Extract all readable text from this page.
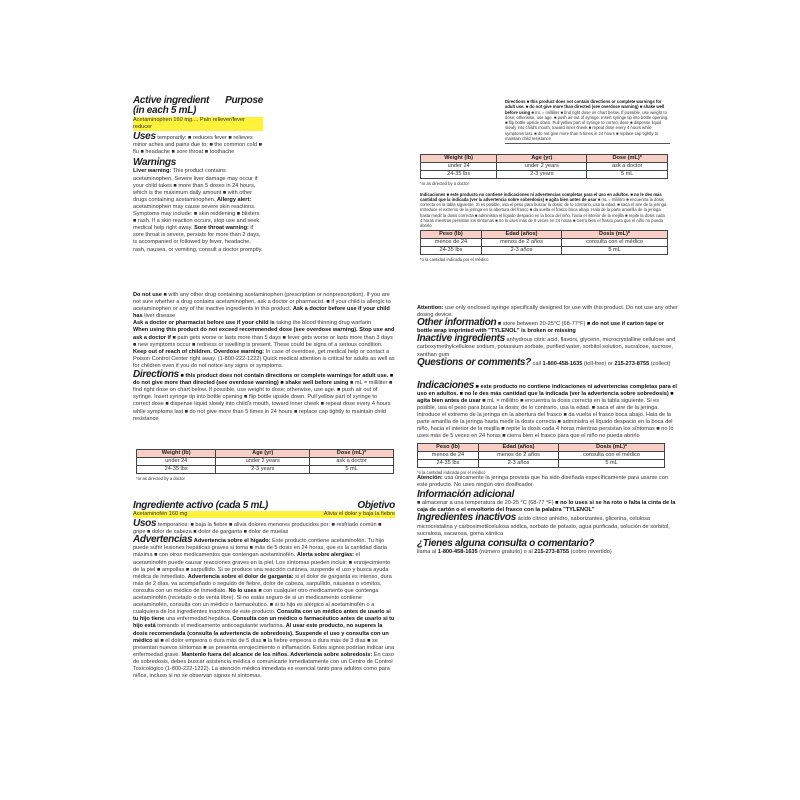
Active ingredient
(in each 5 mL)
Purpose
Acetaminophen 160 mg.... Pain reliever/fever reducer
Uses temporarily: ■ reduces fever ■ relieves minor aches and pains due to: ■ the common cold ■ flu ■ headache ■ sore throat ■ toothache
Warnings
Liver warning: This product contains acetaminophen. Severe liver damage may occur if your child takes ■ more than 5 doses in 24 hours, which is the maximum daily amount ■ with other drugs containing acetaminophen. Allergy alert: acetaminophen may cause severe skin reactions. Symptoms may include: ■ skin reddening ■ blisters ■ rash. If a skin reaction occurs, stop use and seek medical help right away. Sore throat warning: if sore throat is severe, persists for more than 2 days, is accompanied or followed by fever, headache, rash, nausea, or vomiting, consult a doctor promptly.
Do not use ■ with any other drug containing acetaminophen (prescription or nonprescription). If you are not sure whether a drug contains acetaminophen, ask a doctor or pharmacist. ■ if your child is allergic to acetaminophen or any of the inactive ingredients in this product. Ask a doctor before use if your child has liver disease
Ask a doctor or pharmacist before use if your child is taking the blood thinning drug warfarin
When using this product do not exceed recommended dose (see overdose warning). Stop use and ask a doctor if ■ pain gets worse or lasts more than 5 days ■ fever gets worse or lasts more than 3 days ■ new symptoms occur ■ redness or swelling is present. These could be signs of a serious condition.
Keep out of reach of children. Overdose warning: In case of overdose, get medical help or contact a Poison Control Center right away. (1-800-222-1222) Quick medical attention is critical for adults as well as for children even if you do not notice any signs or symptoms.
Directions ■ this product does not contain directions or complete warnings for adult use. ■ do not give more than directed (see overdose warning) ■ shake well before using ■ mL = milliliter ■ find right dose on chart below. If possible, use weight to dose; otherwise, use age. ■ push air out of syringe. Insert syringe tip into bottle opening ■ flip bottle upside down. Pull yellow part of syringe to correct dose ■ dispense liquid slowly into child's mouth, toward inner cheek ■ repeat dose every 4 hours while symptoms last ■ do not give more than 5 times in 24 hours ■ replace cap tightly to maintain child resistance
Weight (lb)	Age (yr)	Dose (mL)*
under 24	under 2 years	ask a doctor
24-35 lbs	2-3 years	5 mL
*or as directed by a doctor
Ingrediente activo (cada 5 mL)	Objetivo
Acetaminofén 160 mg	Alivia el dolor y baja la fiebre
Usos temporarios: ■ baja la fiebre ■ alivia dolores menores producidos por: ■ resfriado común ■ gripe ■ dolor de cabeza ■ dolor de garganta ■ dolor de muelas
Advertencias Advertencia sobre el hígado: Este producto contiene acetaminofén. Tu hijo puede sufrir lesiones hepáticas graves si toma ■ más de 5 dosis en 24 horas, que es la cantidad diaria máxima ■ con otros medicamentos que contengan acetaminofén. Alerta sobre alergias: el acetaminofén puede causar reacciones graves en la piel. Los síntomas pueden incluir: ■ enrojecimiento de la piel ■ ampollas ■ sarpullido. Si se produce una reacción cutánea, suspende el uso y busca ayuda médica de inmediato. Advertencia sobre el dolor de garganta: si el dolor de garganta es intenso, dura más de 2 días, va acompañado o seguido de fiebre, dolor de cabeza, sarpullido, náuseas o vómitos, consulta con un médico de inmediato. No lo uses ■ con cualquier otro medicamento que contenga acetaminofén (recetado o de venta libre). Si no estás seguro de si un medicamento contiene acetaminofén, consulta con un médico o farmacéutico. ■ si tu hijo es alérgico al acetaminofén o a cualquiera de los ingredientes inactivos de este producto. Consulta con un médico antes de usarlo si tu hijo tiene una enfermedad hepática. Consulta con un médico o farmacéutico antes de usarlo si tu hijo está tomando el medicamento anticoagulante warfarina. Al usar este producto, no superes la dosis recomendada (consulta la advertencia de sobredosis). Suspende el uso y consulta con un médico si ■ el dolor empeora o dura más de 5 días ■ la fiebre empeora o dura más de 3 días ■ se presentan nuevos síntomas ■ se presenta enrojecimiento o inflamación. Estos signos podrían indicar una enfermedad grave. Mantenlo fuera del alcance de los niños. Advertencia sobre sobredosis: En caso de sobredosis, debes buscar asistencia médica o comunicarte inmediatamente con un Centro de Control Toxicológico (1-800-222-1222). La atención médica inmediata es esencial tanto para adultos como para niños, incluso si no se observan signos ni síntomas.
Directions ■ this product does not contain directions or complete warnings for adult use. ■ do not give more than directed (see overdose warning) ■ shake well before using ■ mL = milliliter ■ find right dose on chart below. If possible, use weight to dose; otherwise, use age. ■ push air out of syringe. Insert syringe tip into bottle opening. ■ flip bottle upside down. Pull yellow part of syringe to correct dose ■ dispense liquid slowly into child's mouth, toward inner cheek ■ repeat dose every 4 hours while symptoms last. ■ do not give more than 5 times in 24 hours ■ replace cap tightly to maintain child resistance
Weight (lb)	Age (yr)	Dose (mL)*
under 24	under 2 years	ask a doctor
24-35 lbs	2-3 years	5 mL
*or as directed by a doctor
Indicaciones ■ este producto no contiene indicaciones ni advertencias completas para el uso en adultos. ■ no le des más cantidad que la indicada (ver la advertencia sobre sobredosis) ■ agita bien antes de usar ■ mL = mililitro ■ encuentra la dosis correcta en la tabla siguiente. Si es posible, usa el peso para buscar la dosis; de lo contrario, usa la edad. ■ saca el aire de la jeringa. Introduce el extremo de la jeringa en la abertura del frasco ■ da vuelta el frasco boca abajo. Hala de la parte amarilla de la jeringa hasta medir la dosis correcta ■ administra el líquido despacio en la boca del niño, hacia el interior de la mejilla ■ repite la dosis cada 4 horas mientras persistan los síntomas ■ no lo uses más de 5 veces en 24 horas ■ cierra bien el frasco para que el niño no pueda abrirlo
Peso (lb)	Edad (años)	Dosis (mL)*
menos de 24	menos de 2 años	consulta con el médico
24-35 lbs	2-3 años	5 mL
*o la cantidad indicada por el médico
Attention: use only enclosed syringe specifically designed for use with this product. Do not use any other dosing device.
Other information ■ store between 20-25°C (68-77°F) ■ do not use if carton tape or bottle wrap imprinted with "TYLENOL" is broken or missing
Inactive ingredients anhydrous citric acid, flavors, glycerin, microcrystalline cellulose and carboxymethylcellulose sodium, potassium sorbate, purified water, sorbitol solution, sucralose, sucrose, xanthan gum
Questions or comments? call 1-800-458-1635 (toll-free) or 215-273-8755 (collect)
Indicaciones ■ este producto no contiene indicaciones ni advertencias completas para el uso en adultos. ■ no le des más cantidad que la indicada (ver la advertencia sobre sobredosis) ■ agita bien antes de usar ■ mL = mililitro ■ encuentra la dosis correcta en la tabla siguiente. Si es posible, usa el peso para buscar la dosis; de lo contrario, usa la edad. ■ saca el aire de la jeringa. Introduce el extremo de la jeringa en la abertura del frasco ■ da vuelta el frasco boca abajo. Hala de la parte amarilla de la jeringa hasta medir la dosis correcta ■ administra el líquido despacio en la boca del niño, hacia el interior de la mejilla ■ repite la dosis cada 4 horas mientras persistan los síntomas ■ no lo uses más de 5 veces en 24 horas ■ cierra bien el frasco para que el niño no pueda abrirlo
Peso (lb)	Edad (años)	Dosis (mL)*
menos de 24	menos de 2 años	consulta con el médico
24-35 lbs	2-3 años	5 mL
*o la cantidad indicada por el médico
Atención: usa únicamente la jeringa provista que ha sido diseñada específicamente para usarse con este producto. No uses ningún otro dosificador.
Información adicional
■ almacenar a una temperatura de 20-25 °C (68-77 °F) ■ no lo uses si se ha roto o falta la cinta de la caja de cartón o el envoltorio del frasco con la palabra "TYLENOL"
Ingredientes inactivos ácido cítrico anhidro, saborizantes, glicerina, celulosa microcristalina y carboximetilcelulosa sódica, sorbato de potasio, agua purificada, solución de sorbitol, sucralosa, sacarosa, goma xántica
¿Tienes alguna consulta o comentario?
llama al 1-800-458-1635 (número gratuito) o al 215-273-8755 (cobro revertido)
